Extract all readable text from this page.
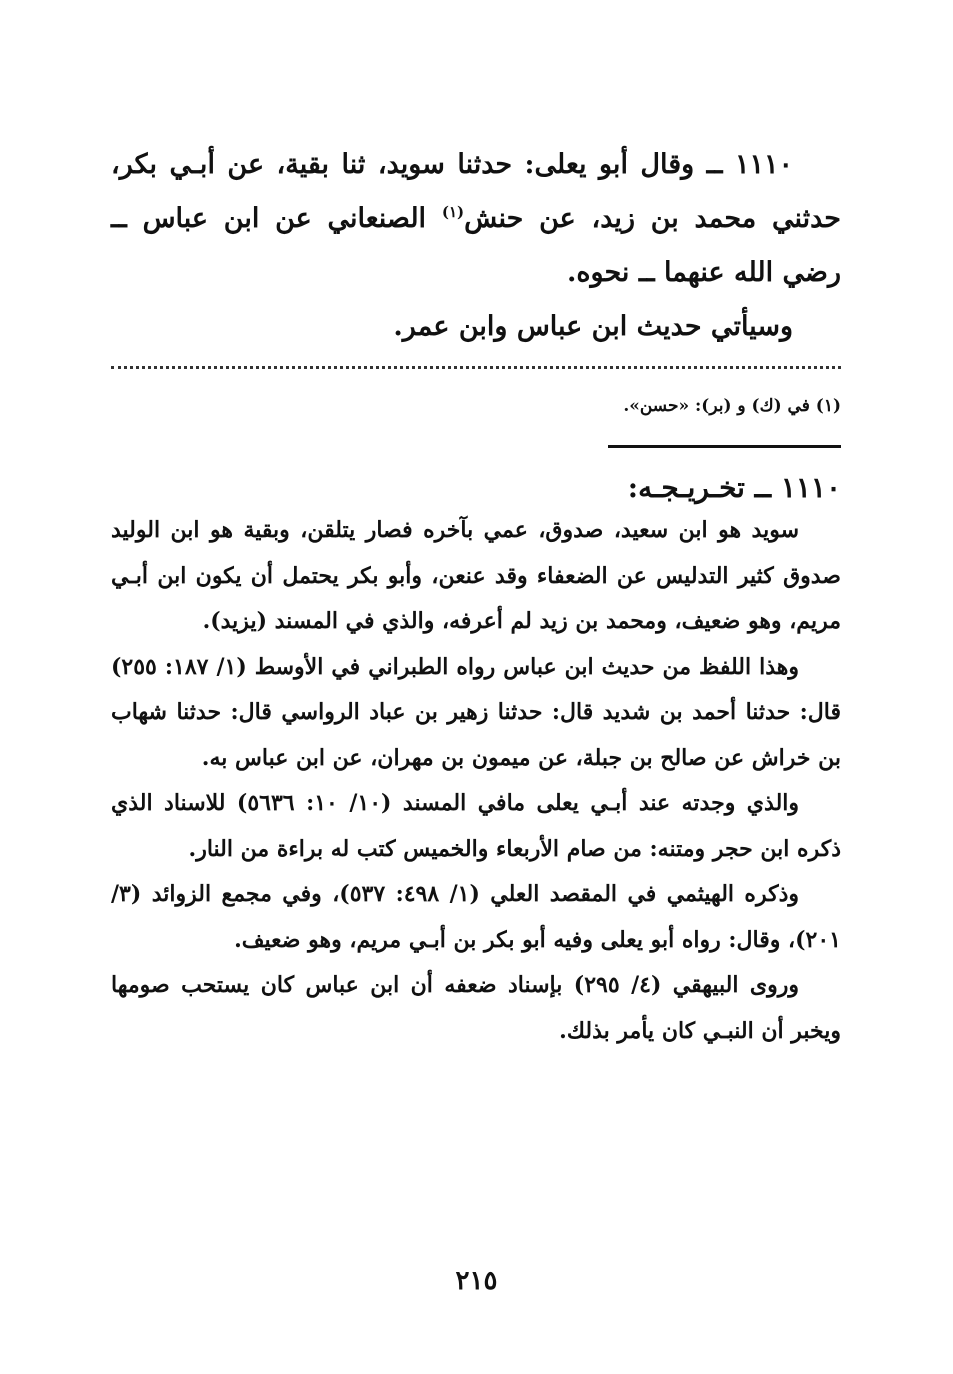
١١١٠ ــ وقال أبو يعلى: حدثنا سويد، ثنا بقية، عن أبـي بكر، حدثني محمد بن زيد، عن حنش$^{(١)}$ الصنعاني عن ابن عباس ــ رضي الله عنهما ــ نحوه.

وسيأتي حديث ابن عباس وابن عمر.

(١) في (ك) و (بر): «حسن».

١١١٠ ــ تخـريـجـه:

سويد هو ابن سعيد، صدوق، عمي بآخره فصار يتلقن، وبقية هو ابن الوليد صدوق كثير التدليس عن الضعفاء وقد عنعن، وأبو بكر يحتمل أن يكون ابن أبـي مريم، وهو ضعيف، ومحمد بن زيد لم أعرفه، والذي في المسند (يزيد).

وهذا اللفظ من حديث ابن عباس رواه الطبراني في الأوسط (١/ ١٨٧: ٢٥٥) قال: حدثنا أحمد بن شديد قال: حدثنا زهير بن عباد الرواسي قال: حدثنا شهاب بن خراش عن صالح بن جبلة، عن ميمون بن مهران، عن ابن عباس به.

والذي وجدته عند أبـي يعلى مافي المسند (١٠/ ١٠: ٥٦٣٦) للاسناد الذي ذكره ابن حجر ومتنه: من صام الأربعاء والخميس كتب له براءة من النار.

وذكره الهيثمي في المقصد العلي (١/ ٤٩٨: ٥٣٧)، وفي مجمع الزوائد (٣/ ٢٠١)، وقال: رواه أبو يعلى وفيه أبو بكر بن أبـي مريم، وهو ضعيف.

وروى البيهقي (٤/ ٢٩٥) بإسناد ضعفه أن ابن عباس كان يستحب صومها ويخبر أن النبـي كان يأمر بذلك.

٢١٥
